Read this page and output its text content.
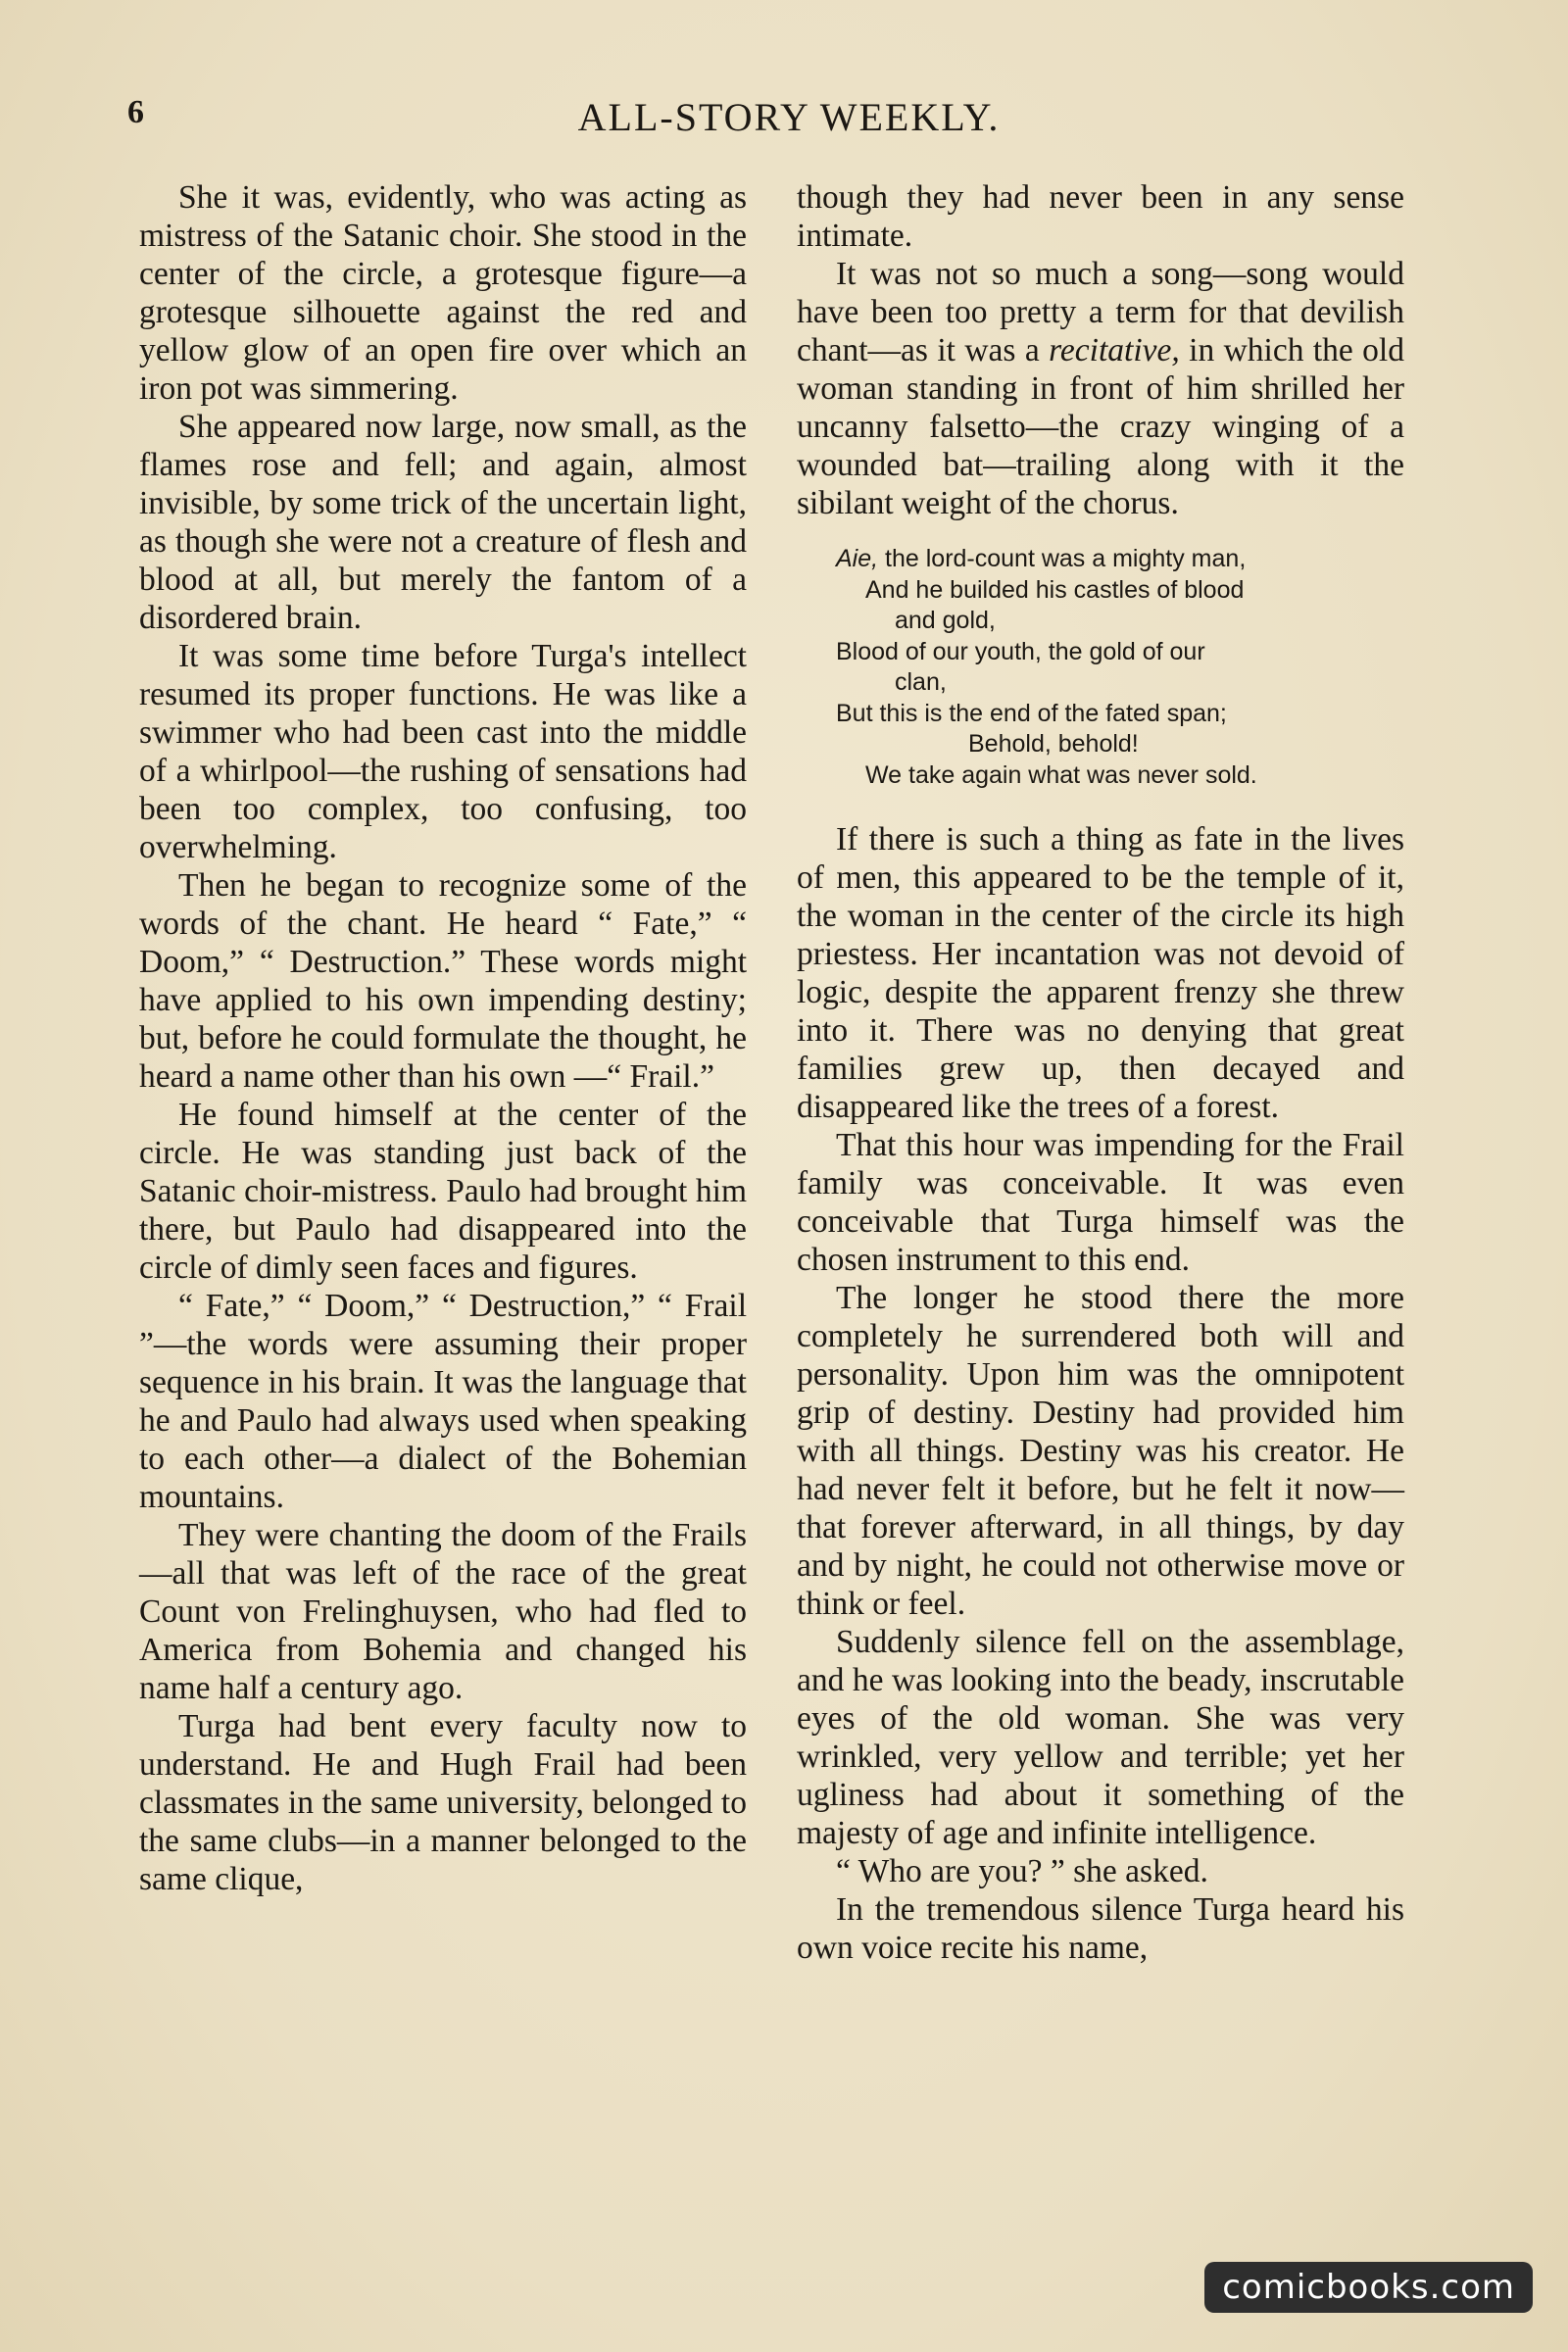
6	ALL-STORY WEEKLY.

She it was, evidently, who was acting as mistress of the Satanic choir. She stood in the center of the circle, a grotesque figure—a grotesque silhouette against the red and yellow glow of an open fire over which an iron pot was simmering.

She appeared now large, now small, as the flames rose and fell; and again, almost invisible, by some trick of the uncertain light, as though she were not a creature of flesh and blood at all, but merely the fantom of a disordered brain.

It was some time before Turga's intellect resumed its proper functions. He was like a swimmer who had been cast into the middle of a whirlpool—the rushing of sensations had been too complex, too confusing, too overwhelming.

Then he began to recognize some of the words of the chant. He heard “ Fate,” “ Doom,” “ Destruction.” These words might have applied to his own impending destiny; but, before he could formulate the thought, he heard a name other than his own —“ Frail.”

He found himself at the center of the circle. He was standing just back of the Satanic choir-mistress. Paulo had brought him there, but Paulo had disappeared into the circle of dimly seen faces and figures.

“ Fate,” “ Doom,” “ Destruction,” “ Frail ”—the words were assuming their proper sequence in his brain. It was the language that he and Paulo had always used when speaking to each other—a dialect of the Bohemian mountains.

They were chanting the doom of the Frails—all that was left of the race of the great Count von Frelinghuysen, who had fled to America from Bohemia and changed his name half a century ago.

Turga had bent every faculty now to understand. He and Hugh Frail had been classmates in the same university, belonged to the same clubs—in a manner belonged to the same clique,

though they had never been in any sense intimate.

It was not so much a song—song would have been too pretty a term for that devilish chant—as it was a recitative, in which the old woman standing in front of him shrilled her uncanny falsetto—the crazy winging of a wounded bat—trailing along with it the sibilant weight of the chorus.

Aie, the lord-count was a mighty man,
And he builded his castles of blood
and gold,
Blood of our youth, the gold of our
clan,
But this is the end of the fated span;
Behold, behold!
We take again what was never sold.

If there is such a thing as fate in the lives of men, this appeared to be the temple of it, the woman in the center of the circle its high priestess. Her incantation was not devoid of logic, despite the apparent frenzy she threw into it. There was no denying that great families grew up, then decayed and disappeared like the trees of a forest.

That this hour was impending for the Frail family was conceivable. It was even conceivable that Turga himself was the chosen instrument to this end.

The longer he stood there the more completely he surrendered both will and personality. Upon him was the omnipotent grip of destiny. Destiny had provided him with all things. Destiny was his creator. He had never felt it before, but he felt it now—that forever afterward, in all things, by day and by night, he could not otherwise move or think or feel.

Suddenly silence fell on the assemblage, and he was looking into the beady, inscrutable eyes of the old woman. She was very wrinkled, very yellow and terrible; yet her ugliness had about it something of the majesty of age and infinite intelligence.

“ Who are you? ” she asked.

In the tremendous silence Turga heard his own voice recite his name,

comicbooks.com
